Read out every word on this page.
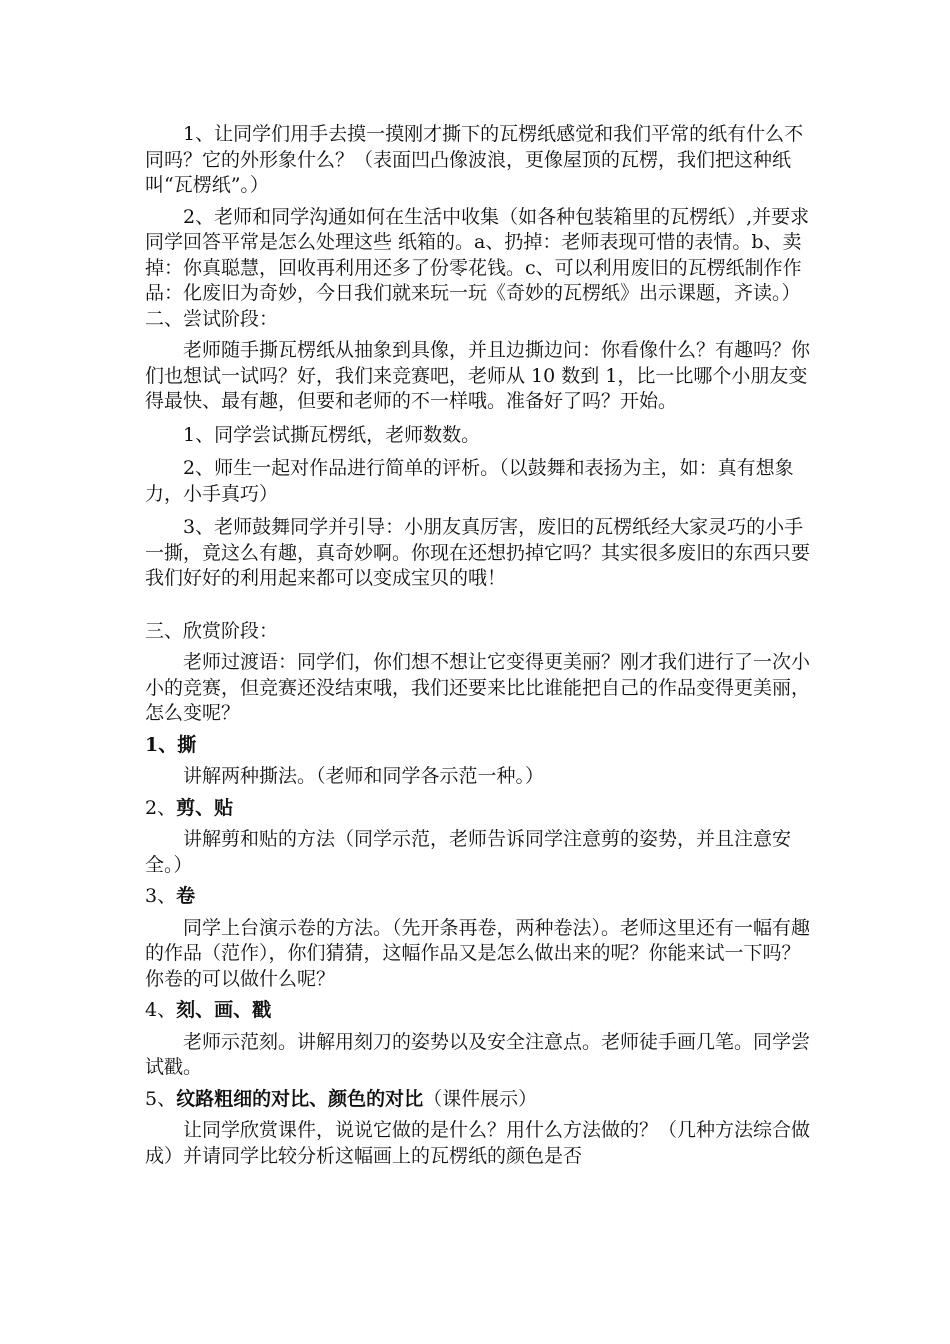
1、让同学们用手去摸一摸刚才撕下的瓦楞纸感觉和我们平常的纸有什么不同吗？它的外形象什么？（表面凹凸像波浪，更像屋顶的瓦楞，我们把这种纸叫“瓦楞纸”。）

2、老师和同学沟通如何在生活中收集（如各种包装箱里的瓦楞纸）,并要求同学回答平常是怎么处理这些 纸箱的。a、扔掉：老师表现可惜的表情。b、卖掉：你真聪慧，回收再利用还多了份零花钱。c、可以利用废旧的瓦楞纸制作作品：化废旧为奇妙，今日我们就来玩一玩《奇妙的瓦楞纸》出示课题，齐读。）

二、尝试阶段：

老师随手撕瓦楞纸从抽象到具像，并且边撕边问：你看像什么？有趣吗？你们也想试一试吗？好，我们来竞赛吧，老师从 10 数到 1，比一比哪个小朋友变得最快、最有趣，但要和老师的不一样哦。准备好了吗？开始。

1、同学尝试撕瓦楞纸，老师数数。

2、师生一起对作品进行简单的评析。（以鼓舞和表扬为主，如：真有想象力，小手真巧）

3、老师鼓舞同学并引导：小朋友真厉害，废旧的瓦楞纸经大家灵巧的小手一撕，竟这么有趣，真奇妙啊。你现在还想扔掉它吗？其实很多废旧的东西只要我们好好的利用起来都可以变成宝贝的哦！

三、欣赏阶段：

老师过渡语：同学们，你们想不想让它变得更美丽？刚才我们进行了一次小小的竞赛，但竞赛还没结束哦，我们还要来比比谁能把自己的作品变得更美丽，怎么变呢？

1、撕

讲解两种撕法。（老师和同学各示范一种。）

2、剪、贴

讲解剪和贴的方法（同学示范，老师告诉同学注意剪的姿势，并且注意安全。）

3、卷

同学上台演示卷的方法。（先开条再卷，两种卷法）。老师这里还有一幅有趣的作品（范作），你们猜猜，这幅作品又是怎么做出来的呢？你能来试一下吗？你卷的可以做什么呢？

4、刻、画、戳

老师示范刻。讲解用刻刀的姿势以及安全注意点。老师徒手画几笔。同学尝试戳。

5、纹路粗细的对比、颜色的对比（课件展示）

让同学欣赏课件，说说它做的是什么？用什么方法做的？（几种方法综合做成）并请同学比较分析这幅画上的瓦楞纸的颜色是否
